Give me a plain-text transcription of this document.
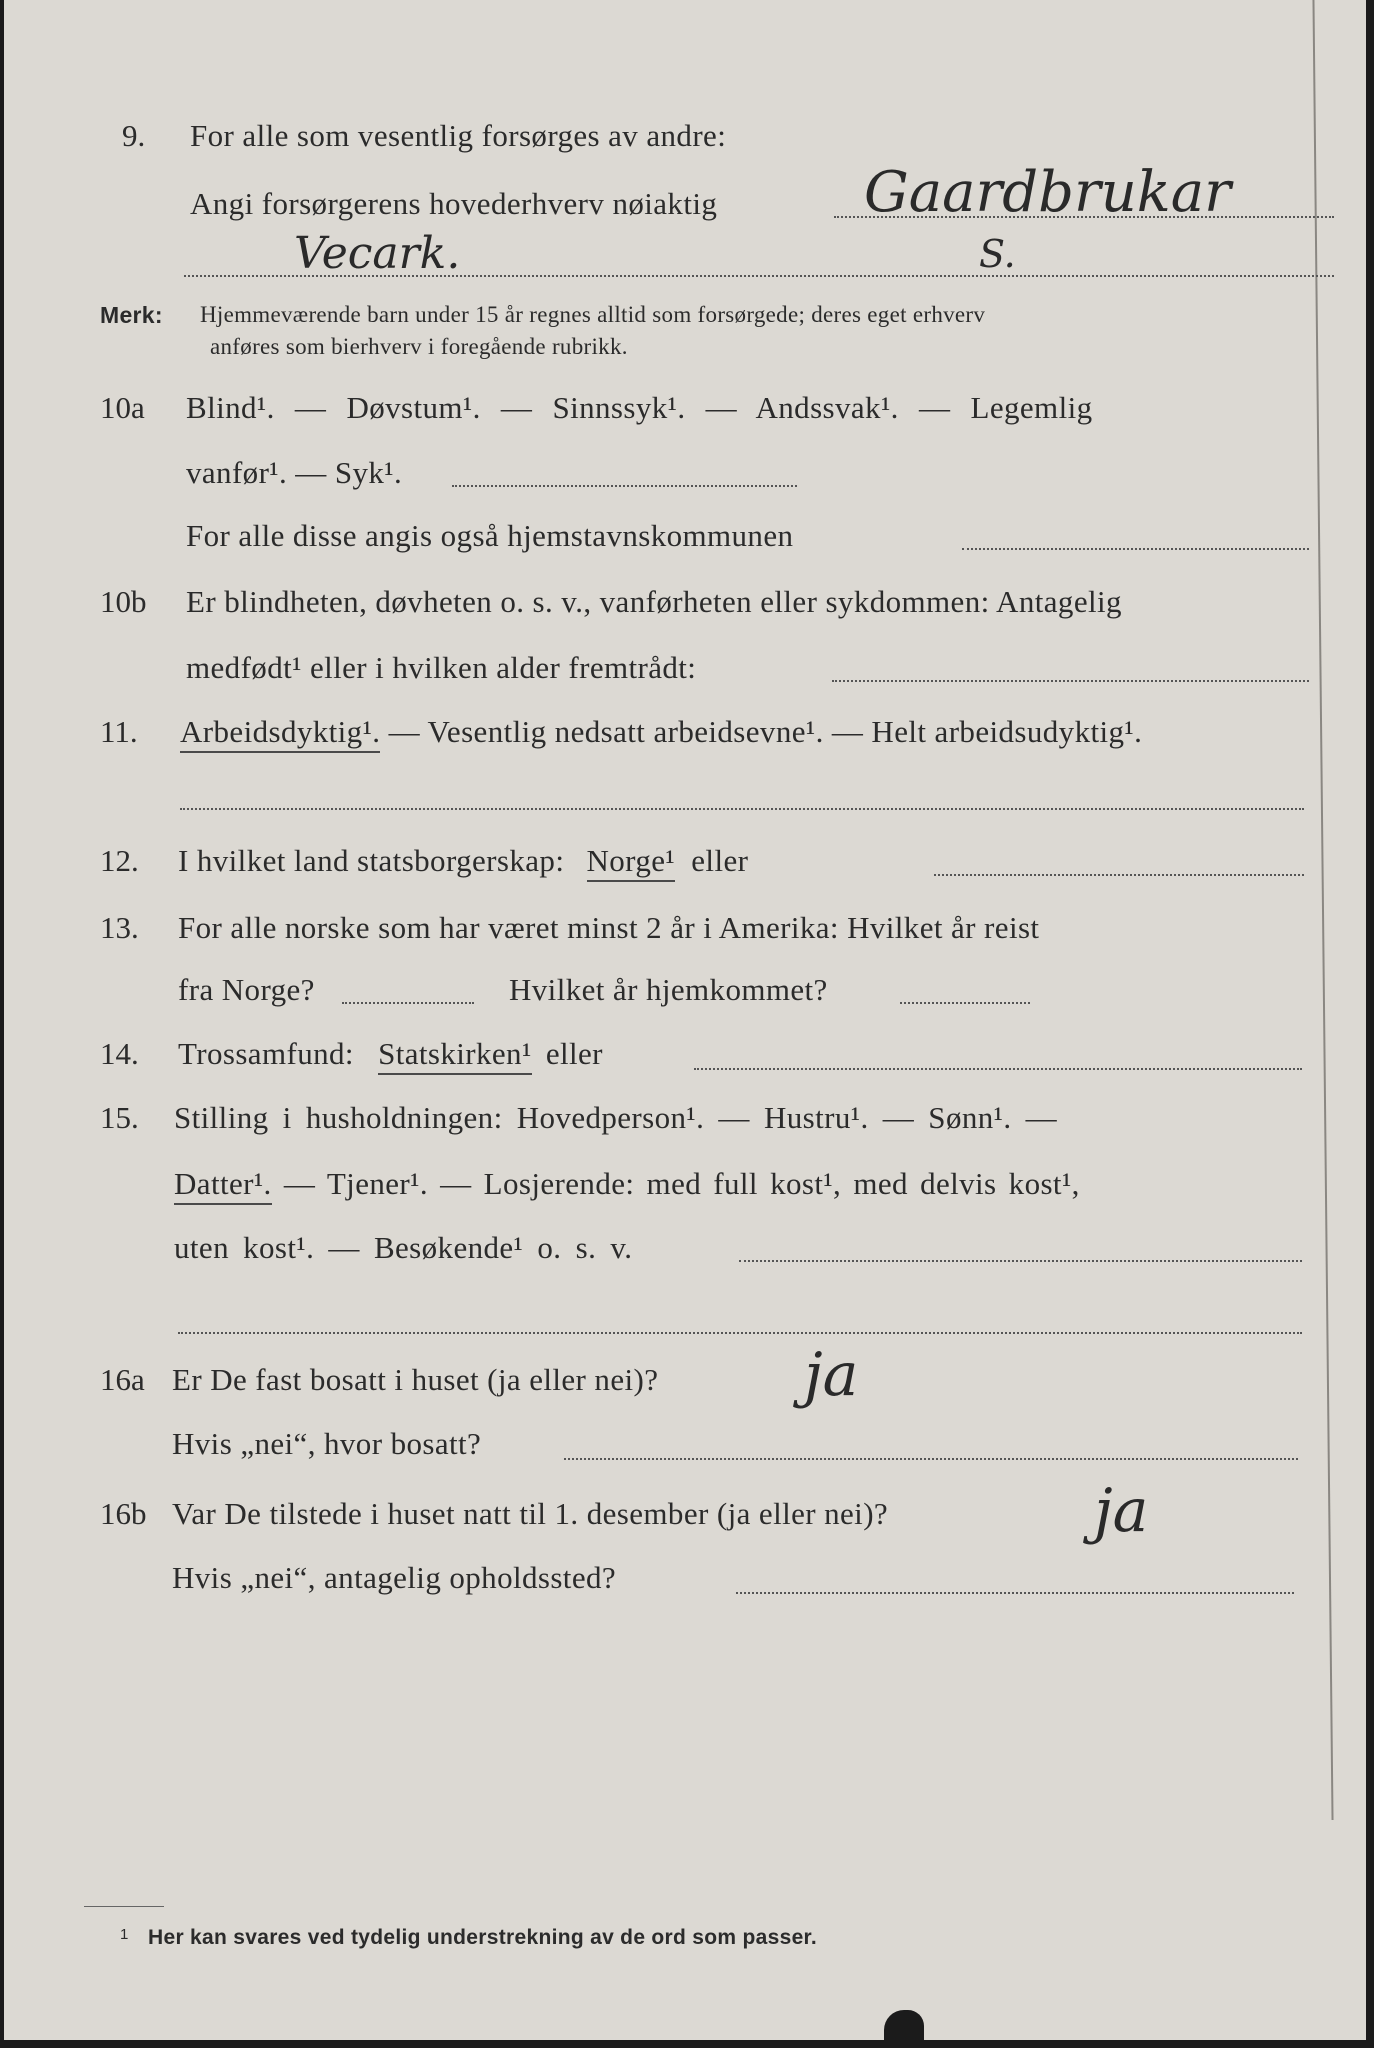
9. For alle som vesentlig forsørges av andre:
Angi forsørgerens hovederhverv nøiaktig	Gaardbrukar
Vecark.	S.
Merk: Hjemmeværende barn under 15 år regnes alltid som forsørgede; deres eget erhverv
anføres som bierhverv i foregående rubrikk.
10a Blind¹. — Døvstum¹. — Sinnssyk¹. — Andssvak¹. — Legemlig
vanfør¹. — Syk¹.
For alle disse angis også hjemstavnskommunen
10b Er blindheten, døvheten o. s. v., vanførheten eller sykdommen: Antagelig
medfødt¹ eller i hvilken alder fremtrådt:
11. Arbeidsdyktig¹. — Vesentlig nedsatt arbeidsevne¹. — Helt arbeidsudyktig¹.
12. I hvilket land statsborgerskap: Norge¹ eller
13. For alle norske som har været minst 2 år i Amerika: Hvilket år reist
fra Norge?	Hvilket år hjemkommet?
14. Trossamfund: Statskirken¹ eller
15. Stilling i husholdningen: Hovedperson¹. — Hustru¹. — Sønn¹. —
Datter¹. — Tjener¹. — Losjerende: med full kost¹, med delvis kost¹,
uten kost¹. — Besøkende¹ o. s. v.
16a Er De fast bosatt i huset (ja eller nei)? ja
Hvis „nei“, hvor bosatt?
16b Var De tilstede i huset natt til 1. desember (ja eller nei)?	ja
Hvis „nei“, antagelig opholdssted?
1 Her kan svares ved tydelig understrekning av de ord som passer.
